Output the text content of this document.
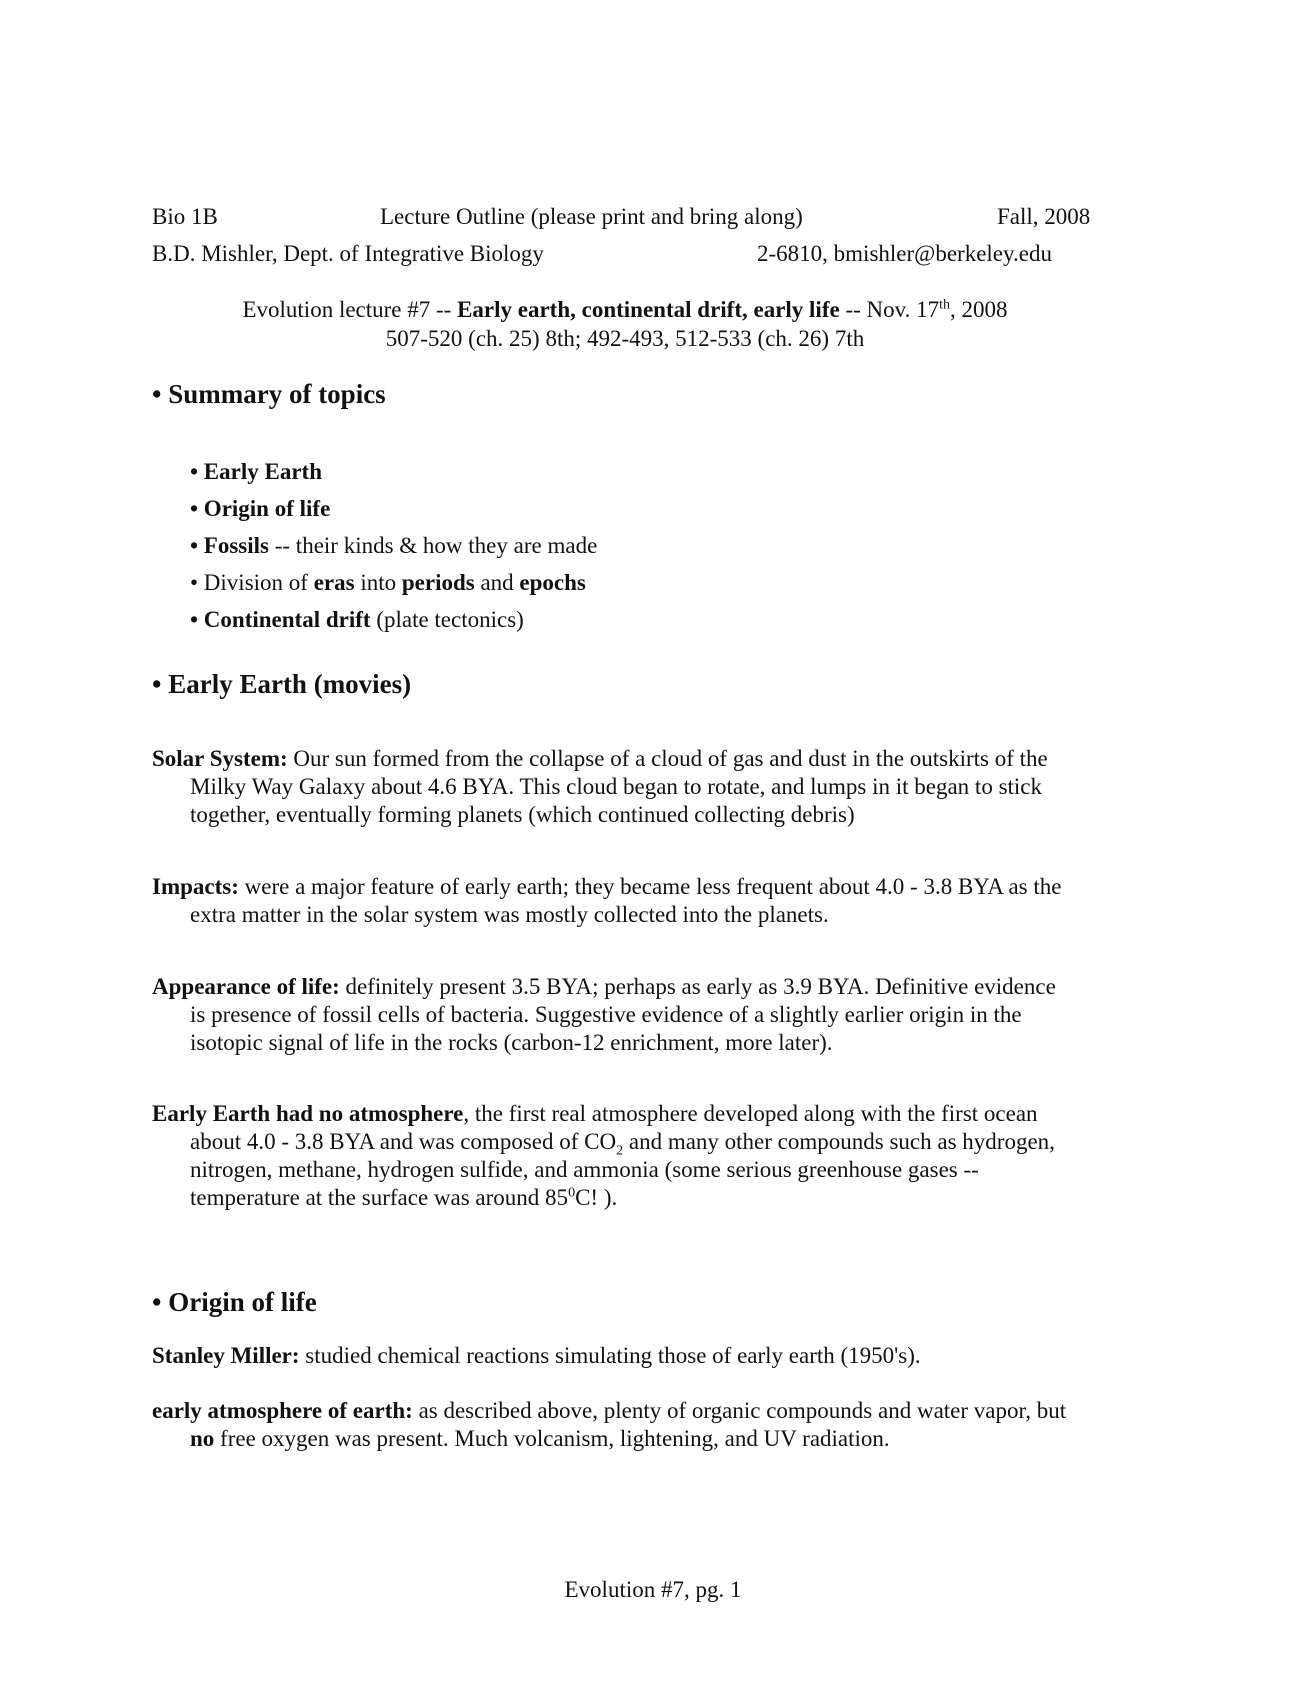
Bio 1B	Lecture Outline (please print and bring along)	Fall, 2008
B.D. Mishler, Dept. of Integrative Biology	2-6810, bmishler@berkeley.edu
Evolution lecture #7 -- Early earth, continental drift, early life -- Nov. 17th, 2008
507-520 (ch. 25) 8th; 492-493, 512-533 (ch. 26) 7th
• Summary of topics
• Early Earth
• Origin of life
• Fossils -- their kinds & how they are made
• Division of eras into periods and epochs
• Continental drift (plate tectonics)
• Early Earth (movies)
Solar System: Our sun formed from the collapse of a cloud of gas and dust in the outskirts of the
Milky Way Galaxy about 4.6 BYA. This cloud began to rotate, and lumps in it began to stick
together, eventually forming planets (which continued collecting debris)
Impacts: were a major feature of early earth; they became less frequent about 4.0 - 3.8 BYA as the
extra matter in the solar system was mostly collected into the planets.
Appearance of life: definitely present 3.5 BYA; perhaps as early as 3.9 BYA. Definitive evidence
is presence of fossil cells of bacteria. Suggestive evidence of a slightly earlier origin in the
isotopic signal of life in the rocks (carbon-12 enrichment, more later).
Early Earth had no atmosphere, the first real atmosphere developed along with the first ocean
about 4.0 - 3.8 BYA and was composed of $CO_2$ and many other compounds such as hydrogen,
nitrogen, methane, hydrogen sulfide, and ammonia (some serious greenhouse gases --
temperature at the surface was around $85^0C$! ).
• Origin of life
Stanley Miller: studied chemical reactions simulating those of early earth (1950's).
early atmosphere of earth: as described above, plenty of organic compounds and water vapor, but
no free oxygen was present. Much volcanism, lightening, and UV radiation.
Evolution #7, pg. 1
